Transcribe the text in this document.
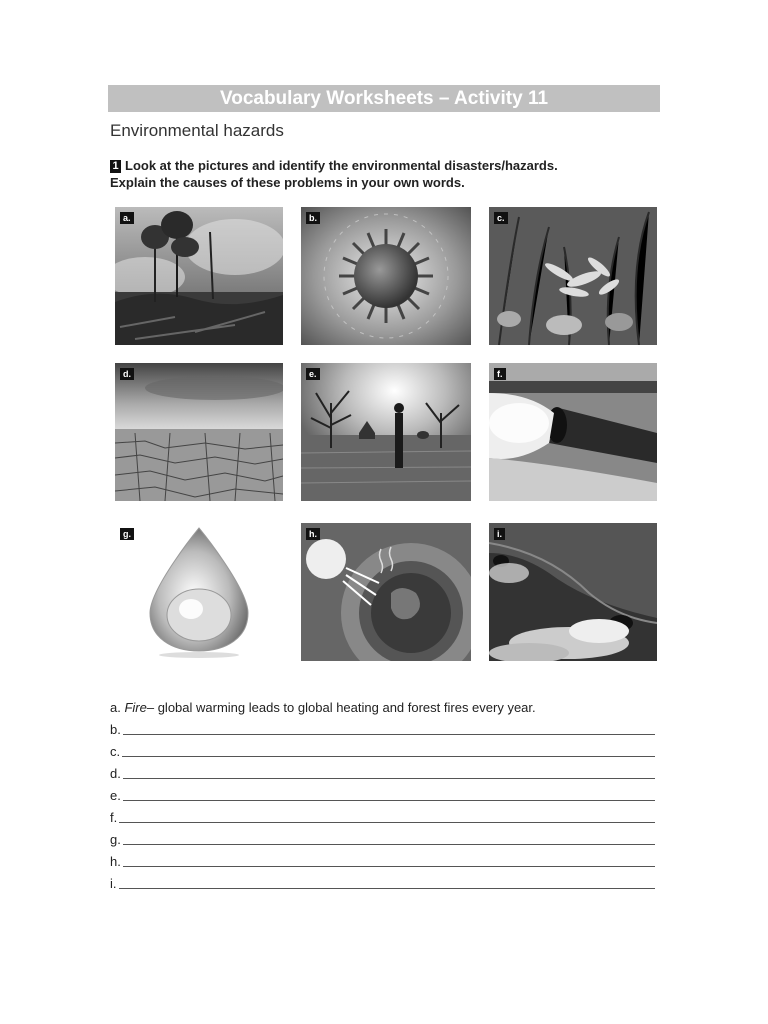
Vocabulary Worksheets – Activity 11
Environmental hazards
1 Look at the pictures and identify the environmental disasters/hazards.
Explain the causes of these problems in your own words.
a.	b.	c.
d.	e.	f.
g.	h.	i.
a.
Fire – global warming leads to global heating and forest fires every year.
b.
c.
d.
e.
f.
g.
h.
i.
